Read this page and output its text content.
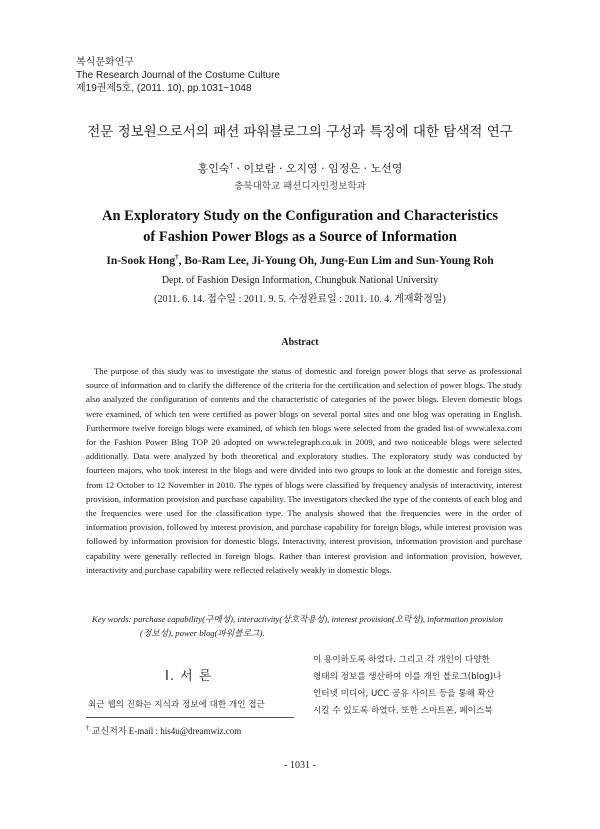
복식문화연구
The Research Journal of the Costume Culture
제19권제5호, (2011. 10), pp.1031~1048
전문 정보원으로서의 패션 파워블로그의 구성과 특징에 대한 탐색적 연구
홍인숙† · 이보람 · 오지영 · 임정은 · 노선영
충북대학교 패션디자인정보학과
An Exploratory Study on the Configuration and Characteristics
of Fashion Power Blogs as a Source of Information
In-Sook Hong†, Bo-Ram Lee, Ji-Young Oh, Jung-Eun Lim and Sun-Young Roh
Dept. of Fashion Design Information, Chungbuk National University
(2011. 6. 14. 접수일 : 2011. 9. 5. 수정완료일 : 2011. 10. 4. 게재확정일)
Abstract

The purpose of this study was to investigate the status of domestic and foreign power blogs that serve as professional source of information and to clarify the difference of the criteria for the certification and selection of power blogs. The study also analyzed the configuration of contents and the characteristic of categories of the power blogs. Eleven domestic blogs were examined, of which ten were certified as power blogs on several portal sites and one blog was operating in English. Furthermore twelve foreign blogs were examined, of which ten blogs were selected from the graded list of www.alexa.com for the Fashion Power Blog TOP 20 adopted on www.telegraph.co.uk in 2009, and two noticeable blogs were selected additionally. Data were analyzed by both theoretical and exploratory studies. The exploratory study was conducted by fourteen majors, who took interest in the blogs and were divided into two groups to look at the domestic and foreign sites, from 12 October to 12 November in 2010. The types of blogs were classified by frequency analysis of interactivity, interest provision, information provision and purchase capability. The investigators checked the type of the contents of each blog and the frequencies were used for the classification type. The analysis showed that the frequencies were in the order of information provision, followed by interest provision, and purchase capability for foreign blogs, while interest provision was followed by information provision for domestic blogs. Interactivity, interest provision, information provision and purchase capability were generally reflected in foreign blogs. Rather than interest provision and information provision, however, interactivity and purchase capability were reflected relatively weakly in domestic blogs.

Key words: purchase capability(구매성), interactivity(상호작용성), interest provision(오락성), information provision
(정보성), power blog(파워블로그).
Ⅰ. 서 론
최근 웹의 진화는 지식과 정보에 대한 개인 접근
이 용이하도록 하였다. 그리고 각 개인이 다양한
형태의 정보를 생산하여 이를 개인 블로그(blog)나
인터넷 미디어, UCC 공유 사이트 등을 통해 확산
시킬 수 있도록 하였다. 또한 스마트폰, 페이스북
† 교신저자 E-mail : his4u@dreamwiz.com
- 1031 -
